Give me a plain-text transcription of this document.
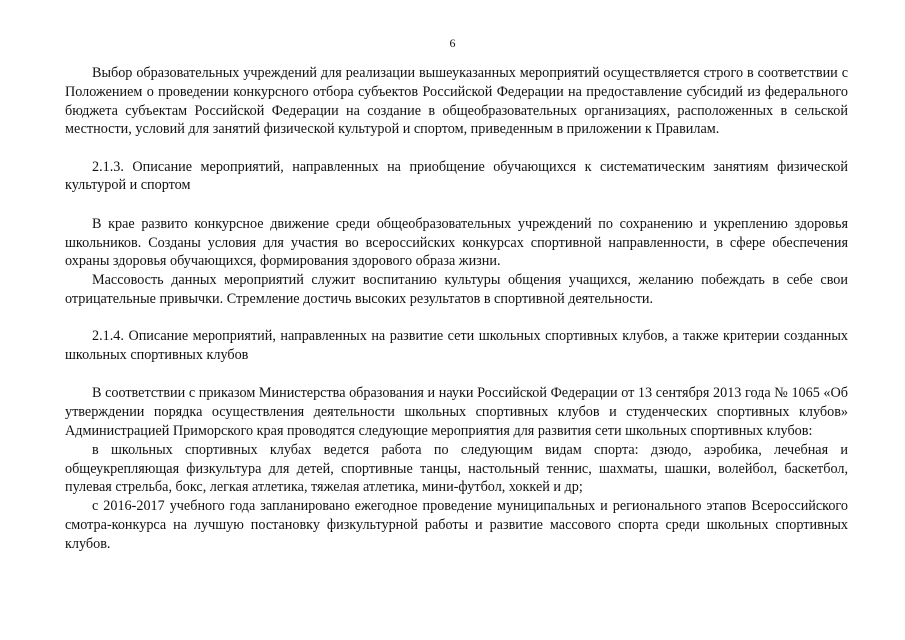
6

Выбор образовательных учреждений для реализации вышеуказанных мероприятий осуществляется строго в соответствии с Положением о проведении конкурсного отбора субъектов Российской Федерации на предоставление субсидий из федерального бюджета субъектам Российской Федерации на создание в общеобразовательных организациях, расположенных в сельской местности, условий для занятий физической культурой и спортом, приведенным в приложении к Правилам.

2.1.3. Описание мероприятий, направленных на приобщение обучающихся к систематическим занятиям физической культурой и спортом

В крае развито конкурсное движение среди общеобразовательных учреждений по сохранению и укреплению здоровья школьников. Созданы условия для участия во всероссийских конкурсах спортивной направленности, в сфере обеспечения охраны здоровья обучающихся, формирования здорового образа жизни.

Массовость данных мероприятий служит воспитанию культуры общения учащихся, желанию побеждать в себе свои отрицательные привычки. Стремление достичь высоких результатов в спортивной деятельности.

2.1.4. Описание мероприятий, направленных на развитие сети школьных спортивных клубов, а также критерии созданных школьных спортивных клубов

В соответствии с приказом Министерства образования и науки Российской Федерации от 13 сентября 2013 года № 1065 «Об утверждении порядка осуществления деятельности школьных спортивных клубов и студенческих спортивных клубов» Администрацией Приморского края проводятся следующие мероприятия для развития сети школьных спортивных клубов:

в школьных спортивных клубах ведется работа по следующим видам спорта: дзюдо, аэробика, лечебная и общеукрепляющая физкультура для детей, спортивные танцы, настольный теннис, шахматы, шашки, волейбол, баскетбол, пулевая стрельба, бокс, легкая атлетика, тяжелая атлетика, мини-футбол, хоккей и др;

с 2016-2017 учебного года запланировано ежегодное проведение муниципальных и регионального этапов Всероссийского смотра-конкурса на лучшую постановку физкультурной работы и развитие массового спорта среди школьных спортивных клубов.
